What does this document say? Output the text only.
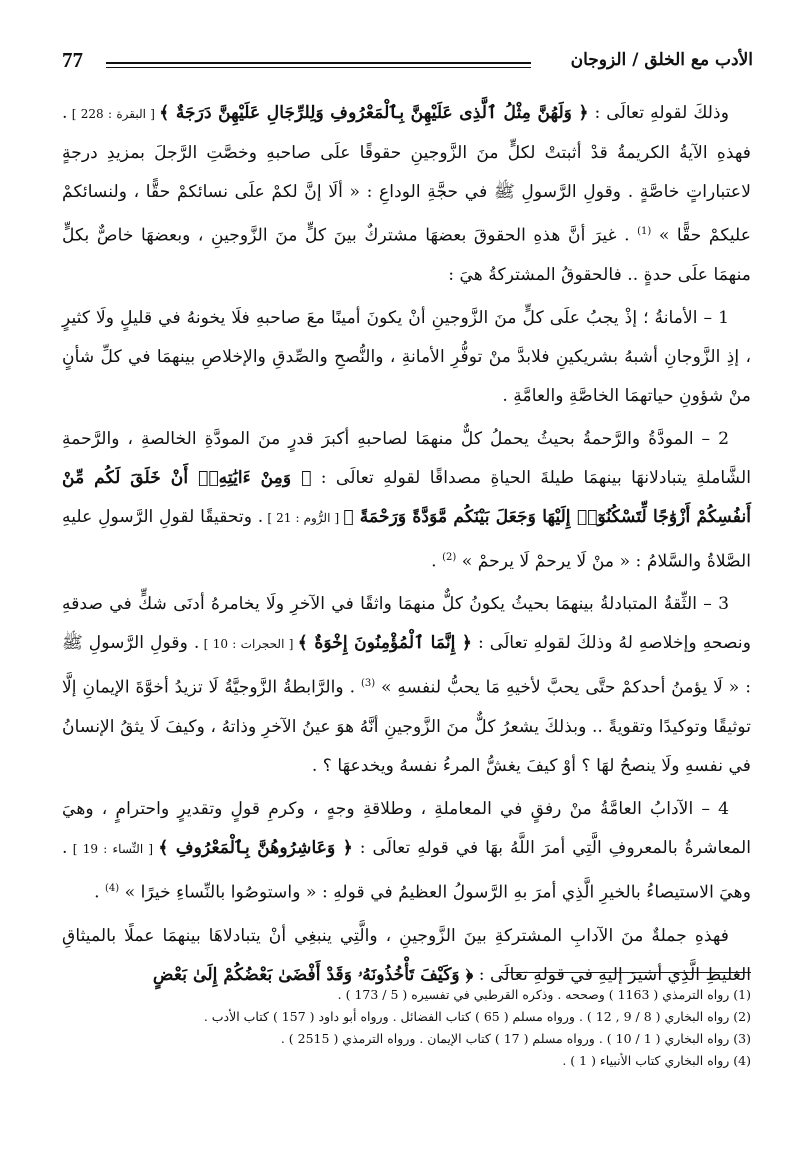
77	الأدب مع الخلق / الزوجان

وذلكَ لقولهِ تعالَى : ﴿ وَلَهُنَّ مِثْلُ ٱلَّذِى عَلَيْهِنَّ بِٱلْمَعْرُوفِ وَلِلرِّجَالِ عَلَيْهِنَّ دَرَجَةٌ ﴾ [ البقرة : 228 ] . فهذهِ الآيةُ الكريمةُ قدْ أثبتتْ لكلٍّ منَ الزَّوجينِ حقوقًا علَى صاحبهِ وخصَّتِ الرَّجلَ بمزيدِ درجةٍ لاعتباراتٍ خاصَّةٍ . وقولِ الرَّسولِ ﷺ في حجَّةِ الوداعِ : « ألَا إنَّ لكمْ علَى نسائكمْ حقًّا ، ولنسائكمْ عليكمْ حقًّا » $^{(1)}$ . غيرَ أنَّ هذهِ الحقوقَ بعضهَا مشتركٌ بينَ كلٍّ منَ الزَّوجينِ ، وبعضهَا خاصٌّ بكلٍّ منهمَا علَى حدةٍ .. فالحقوقُ المشتركةُ هيَ :

1 – الأمانةُ ؛ إذْ يجبُ علَى كلٍّ منَ الزَّوجينِ أنْ يكونَ أمينًا معَ صاحبهِ فلَا يخونهُ في قليلٍ ولَا كثيرٍ ، إذِ الزَّوجانِ أشبهُ بشريكينِ فلابدَّ منْ توفُّرِ الأمانةِ ، والنُّصحِ والصِّدقِ والإخلاصِ بينهمَا في كلِّ شأنٍ منْ شؤونِ حياتهمَا الخاصَّةِ والعامَّةِ .

2 – المودَّةُ والرَّحمةُ بحيثُ يحملُ كلٌّ منهمَا لصاحبهِ أكبرَ قدرٍ منَ المودَّةِ الخالصةِ ، والرَّحمةِ الشَّاملةِ يتبادلانهَا بينهمَا طيلةَ الحياةِ مصداقًا لقولهِ تعالَى : ﴿ وَمِنْ ءَايَٰتِهِۦٓ أَنْ خَلَقَ لَكُم مِّنْ أَنفُسِكُمْ أَزْوَٰجًا لِّتَسْكُنُوٓا۟ إِلَيْهَا وَجَعَلَ بَيْنَكُم مَّوَدَّةً وَرَحْمَةً ﴾ [ الرُّوم : 21 ] . وتحقيقًا لقولِ الرَّسولِ عليهِ الصَّلاةُ والسَّلامُ : « منْ لَا يرحمْ لَا يرحمْ » $^{(2)}$ .

3 – الثِّقةُ المتبادلةُ بينهمَا بحيثُ يكونُ كلٌّ منهمَا واثقًا في الآخرِ ولَا يخامرهُ أدنَى شكٍّ في صدقهِ ونصحهِ وإخلاصهِ لهُ وذلكَ لقولهِ تعالَى : ﴿ إِنَّمَا ٱلْمُؤْمِنُونَ إِخْوَةٌ ﴾ [ الحجرات : 10 ] . وقولِ الرَّسولِ ﷺ : « لَا يؤمنُ أحدكمْ حتَّى يحبَّ لأخيهِ مَا يحبُّ لنفسهِ » $^{(3)}$ . والرَّابطةُ الزَّوجيَّةُ لَا تزيدُ أخوَّةَ الإيمانِ إلَّا توثيقًا وتوكيدًا وتقويةً .. وبذلكَ يشعرُ كلٌّ منَ الزَّوجينِ أنَّهُ هوَ عينُ الآخرِ وذاتهُ ، وكيفَ لَا يثقُ الإنسانُ في نفسهِ ولَا ينصحُ لهَا ؟ أوْ كيفَ يغشُّ المرءُ نفسهُ ويخدعهَا ؟ .

4 – الآدابُ العامَّةُ منْ رفقٍ في المعاملةِ ، وطلاقةِ وجهٍ ، وكرمِ قولٍ وتقديرٍ واحترامٍ ، وهيَ المعاشرةُ بالمعروفِ الَّتِي أمرَ اللَّهُ بهَا في قولهِ تعالَى : ﴿ وَعَاشِرُوهُنَّ بِٱلْمَعْرُوفِ ﴾ [ النِّساء : 19 ] . وهيَ الاستيصاءُ بالخيرِ الَّذِي أمرَ بهِ الرَّسولُ العظيمُ في قولهِ : « واستوصُوا بالنِّساءِ خيرًا » $^{(4)}$ .

فهذهِ جملةٌ منَ الآدابِ المشتركةِ بينَ الزَّوجينِ ، والَّتِي ينبغِي أنْ يتبادلاهَا بينهمَا عملًا بالميثاقِ الغليظِ الَّذِي أشيرَ إليهِ في قولهِ تعالَى : ﴿ وَكَيْفَ تَأْخُذُونَهُۥ وَقَدْ أَفْضَىٰ بَعْضُكُمْ إِلَىٰ بَعْضٍ

(1) رواه الترمذي ( 1163 ) وصححه . وذكره القرطبي في تفسيره ( 5 / 173 ) .
(2) رواه البخاري ( 8 / 9 , 12 ) . ورواه مسلم ( 65 ) كتاب الفضائل . ورواه أبو داود ( 157 ) كتاب الأدب .
(3) رواه البخاري ( 1 / 10 ) . ورواه مسلم ( 17 ) كتاب الإيمان . ورواه الترمذي ( 2515 ) .
(4) رواه البخاري كتاب الأنبياء ( 1 ) .
